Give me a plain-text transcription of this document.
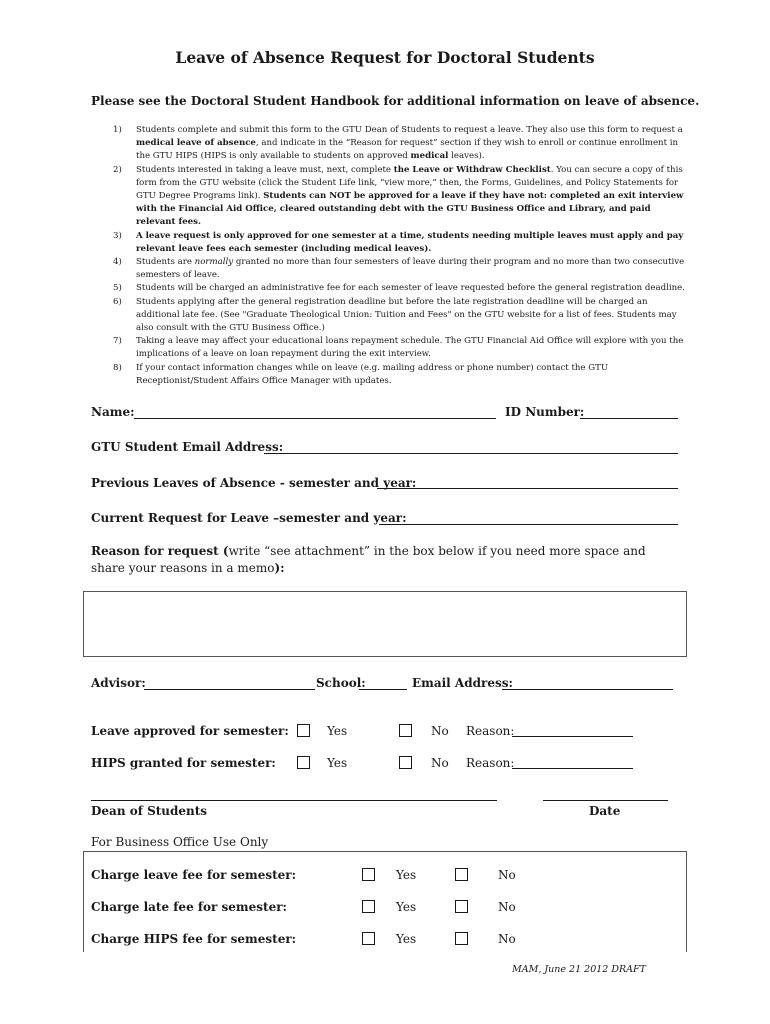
Leave of Absence Request for Doctoral Students
Please see the Doctoral Student Handbook for additional information on leave of absence.
1) Students complete and submit this form to the GTU Dean of Students to request a leave. They also use this form to request a medical leave of absence, and indicate in the “Reason for request” section if they wish to enroll or continue enrollment in the GTU HIPS (HIPS is only available to students on approved medical leaves).
2) Students interested in taking a leave must, next, complete the Leave or Withdraw Checklist. You can secure a copy of this form from the GTU website (click the Student Life link, “view more,” then, the Forms, Guidelines, and Policy Statements for GTU Degree Programs link). Students can NOT be approved for a leave if they have not: completed an exit interview with the Financial Aid Office, cleared outstanding debt with the GTU Business Office and Library, and paid relevant fees.
3) A leave request is only approved for one semester at a time, students needing multiple leaves must apply and pay relevant leave fees each semester (including medical leaves).
4) Students are normally granted no more than four semesters of leave during their program and no more than two consecutive semesters of leave.
5) Students will be charged an administrative fee for each semester of leave requested before the general registration deadline.
6) Students applying after the general registration deadline but before the late registration deadline will be charged an additional late fee. (See "Graduate Theological Union: Tuition and Fees" on the GTU website for a list of fees. Students may also consult with the GTU Business Office.)
7) Taking a leave may affect your educational loans repayment schedule. The GTU Financial Aid Office will explore with you the implications of a leave on loan repayment during the exit interview.
8) If your contact information changes while on leave (e.g. mailing address or phone number) contact the GTU Receptionist/Student Affairs Office Manager with updates.
Name:	ID Number:
GTU Student Email Address:
Previous Leaves of Absence - semester and year:
Current Request for Leave –semester and year:
Reason for request (write “see attachment” in the box below if you need more space and share your reasons in a memo):
Advisor:	School:	Email Address:
Leave approved for semester:	Yes	No Reason:
HIPS granted for semester:	Yes	No Reason:
Dean of Students	Date
For Business Office Use Only
Charge leave fee for semester:	Yes	No
Charge late fee for semester:	Yes	No
Charge HIPS fee for semester:	Yes	No
MAM, June 21 2012 DRAFT
